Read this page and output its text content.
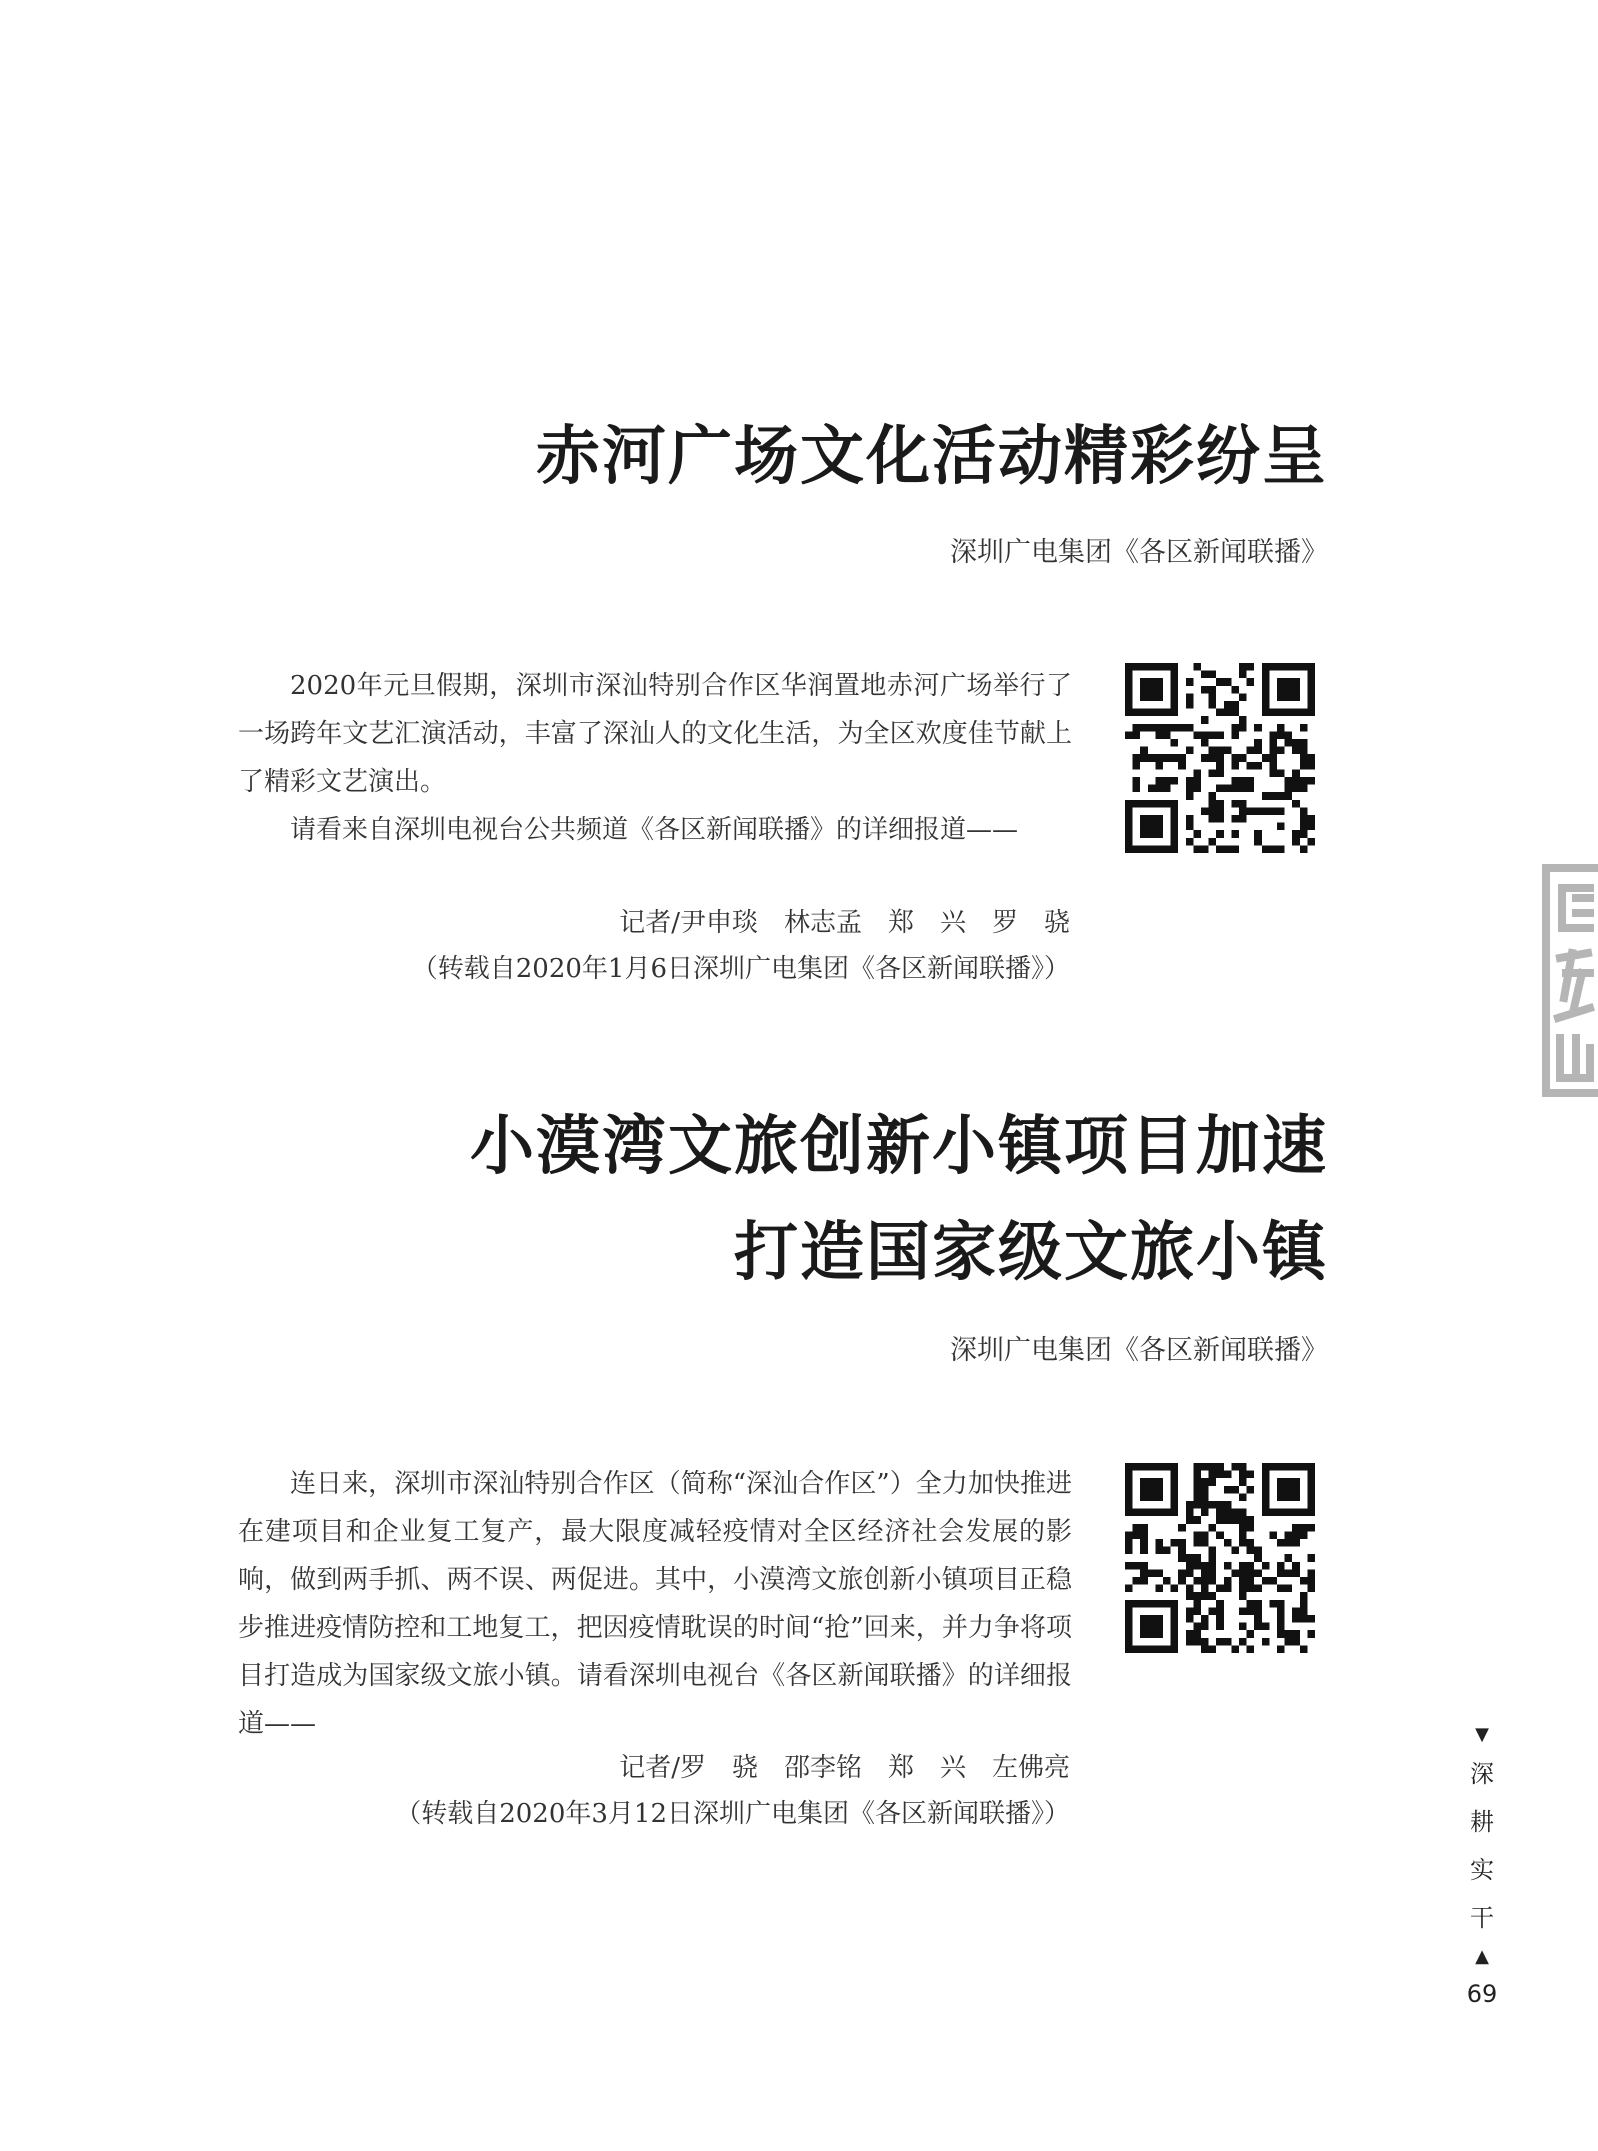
赤河广场文化活动精彩纷呈
深圳广电集团《各区新闻联播》

2020年元旦假期，深圳市深汕特别合作区华润置地赤河广场举行了一场跨年文艺汇演活动，丰富了深汕人的文化生活，为全区欢度佳节献上了精彩文艺演出。

请看来自深圳电视台公共频道《各区新闻联播》的详细报道——

记者/尹申琰　林志孟　郑　兴　罗　骁
（转载自2020年1月6日深圳广电集团《各区新闻联播》）
小漠湾文旅创新小镇项目加速
打造国家级文旅小镇
深圳广电集团《各区新闻联播》

连日来，深圳市深汕特别合作区（简称“深汕合作区”）全力加快推进在建项目和企业复工复产，最大限度减轻疫情对全区经济社会发展的影响，做到两手抓、两不误、两促进。其中，小漠湾文旅创新小镇项目正稳步推进疫情防控和工地复工，把因疫情耽误的时间“抢”回来，并力争将项目打造成为国家级文旅小镇。请看深圳电视台《各区新闻联播》的详细报道——

记者/罗　骁　邵李铭　郑　兴　左佛亮
（转载自2020年3月12日深圳广电集团《各区新闻联播》）
▼
深
耕
实
干
▲
69
